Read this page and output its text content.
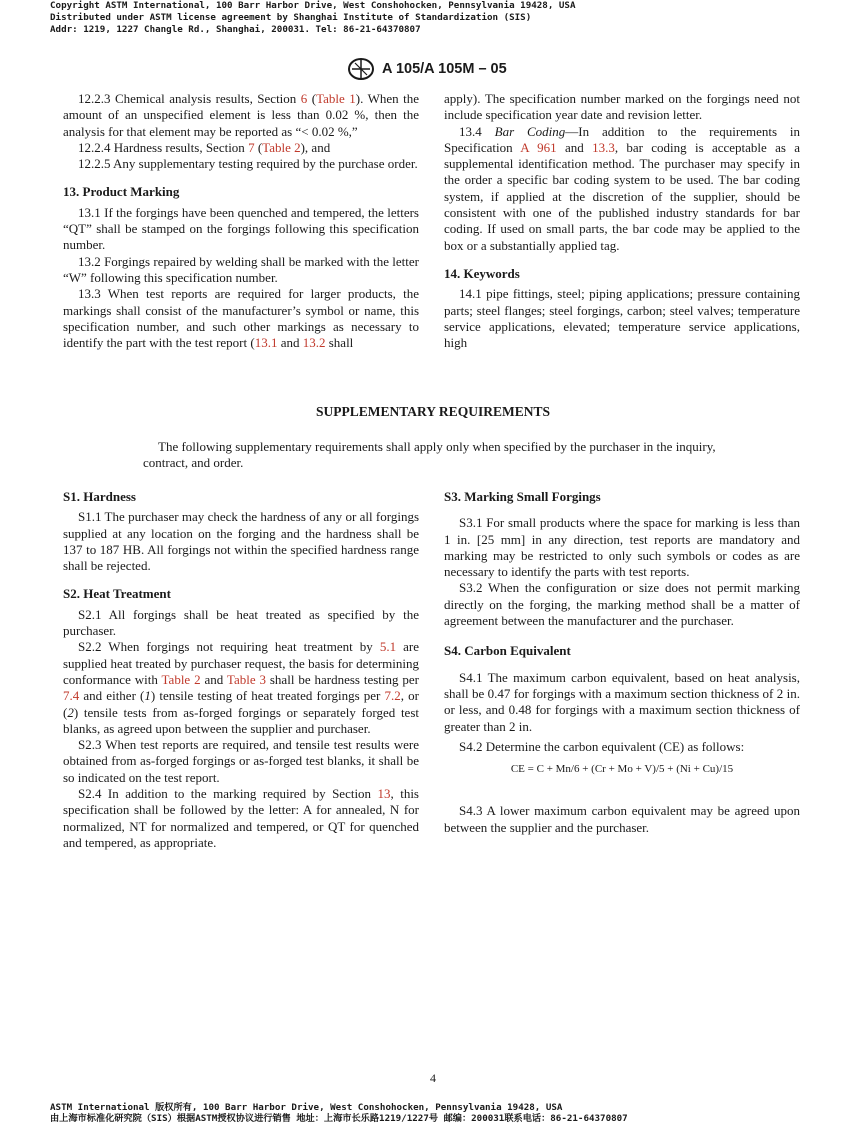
Copyright ASTM International, 100 Barr Harbor Drive, West Conshohocken, Pennsylvania 19428, USA
Distributed under ASTM license agreement by Shanghai Institute of Standardization (SIS)
Addr: 1219, 1227 Changle Rd., Shanghai, 200031. Tel: 86-21-64370807
A 105/A 105M – 05

12.2.3 Chemical analysis results, Section 6 (Table 1). When the amount of an unspecified element is less than 0.02 %, then the analysis for that element may be reported as “< 0.02 %,”

12.2.4 Hardness results, Section 7 (Table 2), and

12.2.5 Any supplementary testing required by the purchase order.

13. Product Marking

13.1 If the forgings have been quenched and tempered, the letters “QT” shall be stamped on the forgings following this specification number.

13.2 Forgings repaired by welding shall be marked with the letter “W” following this specification number.

13.3 When test reports are required for larger products, the markings shall consist of the manufacturer’s symbol or name, this specification number, and such other markings as necessary to identify the part with the test report (13.1 and 13.2 shall

apply). The specification number marked on the forgings need not include specification year date and revision letter.

13.4 Bar Coding—In addition to the requirements in Specification A 961 and 13.3, bar coding is acceptable as a supplemental identification method. The purchaser may specify in the order a specific bar coding system to be used. The bar coding system, if applied at the discretion of the supplier, should be consistent with one of the published industry standards for bar coding. If used on small parts, the bar code may be applied to the box or a substantially applied tag.

14. Keywords

14.1 pipe fittings, steel; piping applications; pressure containing parts; steel flanges; steel forgings, carbon; steel valves; temperature service applications, elevated; temperature service applications, high

SUPPLEMENTARY REQUIREMENTS
The following supplementary requirements shall apply only when specified by the purchaser in the inquiry, contract, and order.

S1. Hardness

S1.1 The purchaser may check the hardness of any or all forgings supplied at any location on the forging and the hardness shall be 137 to 187 HB. All forgings not within the specified hardness range shall be rejected.

S2. Heat Treatment

S2.1 All forgings shall be heat treated as specified by the purchaser.

S2.2 When forgings not requiring heat treatment by 5.1 are supplied heat treated by purchaser request, the basis for determining conformance with Table 2 and Table 3 shall be hardness testing per 7.4 and either (1) tensile testing of heat treated forgings per 7.2, or (2) tensile tests from as-forged forgings or separately forged test blanks, as agreed upon between the supplier and purchaser.

S2.3 When test reports are required, and tensile test results were obtained from as-forged forgings or as-forged test blanks, it shall be so indicated on the test report.

S2.4 In addition to the marking required by Section 13, this specification shall be followed by the letter: A for annealed, N for normalized, NT for normalized and tempered, or QT for quenched and tempered, as appropriate.

S3. Marking Small Forgings

S3.1 For small products where the space for marking is less than 1 in. [25 mm] in any direction, test reports are mandatory and marking may be restricted to only such symbols or codes as are necessary to identify the parts with test reports.

S3.2 When the configuration or size does not permit marking directly on the forging, the marking method shall be a matter of agreement between the manufacturer and the purchaser.

S4. Carbon Equivalent

S4.1 The maximum carbon equivalent, based on heat analysis, shall be 0.47 for forgings with a maximum section thickness of 2 in. or less, and 0.48 for forgings with a maximum section thickness of greater than 2 in.

S4.2 Determine the carbon equivalent (CE) as follows:

CE = C + Mn/6 + (Cr + Mo + V)/5 + (Ni + Cu)/15

S4.3 A lower maximum carbon equivalent may be agreed upon between the supplier and the purchaser.

4
ASTM International 版权所有, 100 Barr Harbor Drive, West Conshohocken, Pennsylvania 19428, USA
由上海市标准化研究院（SIS）根据ASTM授权协议进行销售 地址：上海市长乐路1219/1227号 邮编：200031联系电话：86-21-64370807
